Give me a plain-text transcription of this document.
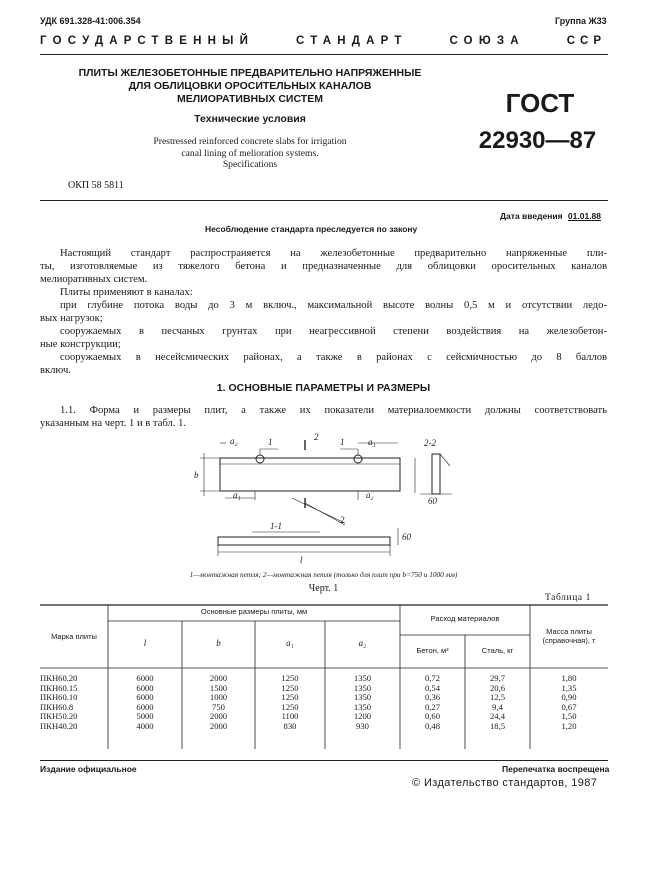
УДК 691.328-41:006.354	Группа Ж33
ГОСУДАРСТВЕННЫЙ	СТАНДАРТ	СОЮЗА	ССР
ПЛИТЫ ЖЕЛЕЗОБЕТОННЫЕ ПРЕДВАРИТЕЛЬНО НАПРЯЖЕННЫЕ
ДЛЯ ОБЛИЦОВКИ ОРОСИТЕЛЬНЫХ КАНАЛОВ
МЕЛИОРАТИВНЫХ СИСТЕМ
Технические условия
Prestressed reinforced concrete slabs for irrigation
canal lining of melioration systems.
Specifications
ГОСТ
22930—87
ОКП 58 5811
Дата введения 01.01.88
Несоблюдение стандарта преследуется по закону
Настоящий стандарт распространяется на железобетонные предварительно напряженные пли-
ты, изготовляемые из тяжелого бетона и предназначенные для облицовки оросительных каналов
мелиоративных систем.
Плиты применяют в каналах:
при глубине потока воды до 3 м включ., максимальной высоте волны 0,5 м и отсутствии ледо-
вых нагрузок;
сооружаемых в песчаных грунтах при неагрессивной степени воздействия на железобетон-
ные конструкции;
сооружаемых в несейсмических районах, а также в районах с сейсмичностью до 8 баллов
включ.
1. ОСНОВНЫЕ ПАРАМЕТРЫ И РАЗМЕРЫ
1.1. Форма и размеры плит, а также их показатели материалоемкости должны соответствовать
указанным на черт. 1 и в табл. 1.
1	2 1	a₁
a₂
b
a₁	a₂
2
2-2
60
1-1
l
60
1—монтажная петля; 2—монтажная петля (только для плит при b=750 и 1000 мм)
Черт. 1
Таблица 1
Марка плиты
Основные размеры плиты, мм
l	b	a₁	a₂
Расход материалов
Бетон, м³	Сталь, кг
Масса плиты (справочная), т
ПКН60.20	6000	2000	1250	1350	0,72	29,7	1,80
ПКН60.15	6000	1500	1250	1350	0,54	20,6	1,35
ПКН60.10	6000	1000	1250	1350	0,36	12,5	0,90
ПКН60.8	6000	750	1250	1350	0,27	9,4	0,67
ПКН50.20	5000	2000	1100	1200	0,60	24,4	1,50
ПКН40.20	4000	2000	830	930	0,48	18,5	1,20
Издание официальное	Перепечатка воспрещена
© Издательство стандартов, 1987
